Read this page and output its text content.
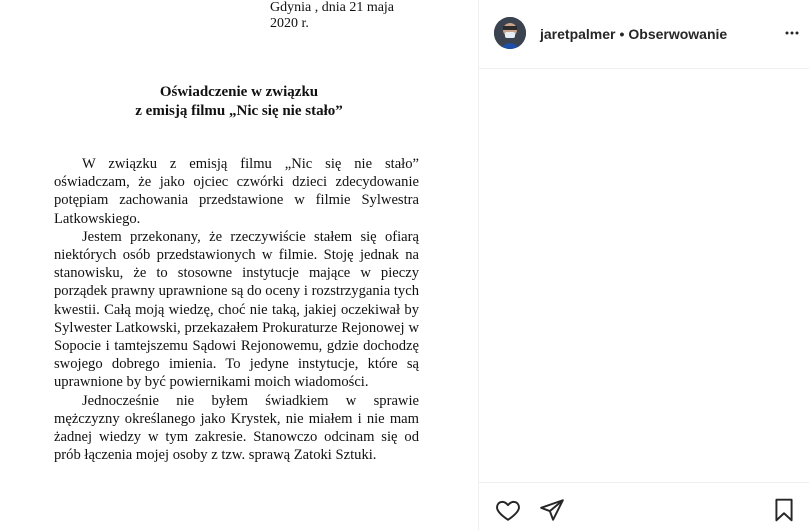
Gdynia , dnia 21 maja
2020 r.
Oświadczenie w związku
z emisją filmu „Nic się nie stało”

W związku z emisją filmu „Nic się nie stało” oświadczam, że jako ojciec czwórki dzieci zdecydowanie potępiam zachowania przedstawione w filmie Sylwestra Latkowskiego.

Jestem przekonany, że rzeczywiście stałem się ofiarą niektórych osób przedstawionych w filmie. Stoję jednak na stanowisku, że to stosowne instytucje mające w pieczy porządek prawny uprawnione są do oceny i rozstrzygania tych kwestii. Całą moją wiedzę, choć nie taką, jakiej oczekiwał by Sylwester Latkowski, przekazałem Prokuraturze Rejonowej w Sopocie i tamtejszemu Sądowi Rejonowemu, gdzie dochodzę swojego dobrego imienia. To jedyne instytucje, które są uprawnione by być powiernikami moich wiadomości.

Jednocześnie nie byłem świadkiem w sprawie mężczyzny określanego jako Krystek, nie miałem i nie mam żadnej wiedzy w tym zakresie. Stanowczo odcinam się od prób łączenia mojej osoby z tzw. sprawą Zatoki Sztuki.

jaretpalmer • Obserwowanie
